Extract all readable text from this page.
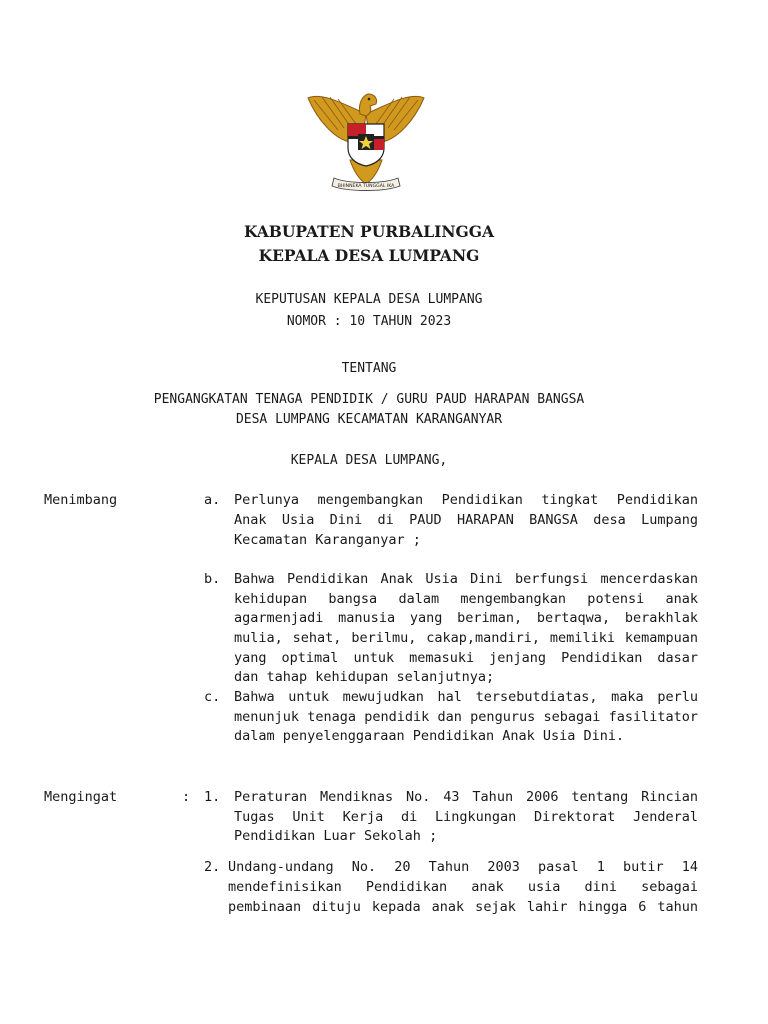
BHINNEKA TUNGGAL IKA
KABUPATEN PURBALINGGA
KEPALA DESA LUMPANG
KEPUTUSAN KEPALA DESA LUMPANG
NOMOR : 10 TAHUN 2023
TENTANG
PENGANGKATAN TENAGA PENDIDIK / GURU PAUD HARAPAN BANGSA
DESA LUMPANG KECAMATAN KARANGANYAR
KEPALA DESA LUMPANG,
Menimbang	a. Perlunya mengembangkan Pendidikan tingkat Pendidikan
Anak Usia Dini di PAUD HARAPAN BANGSA desa Lumpang
Kecamatan Karanganyar ;
b. Bahwa Pendidikan Anak Usia Dini berfungsi mencerdaskan
kehidupan bangsa dalam mengembangkan potensi anak
agarmenjadi manusia yang beriman, bertaqwa, berakhlak
mulia, sehat, berilmu, cakap,mandiri, memiliki kemampuan
yang optimal untuk memasuki jenjang Pendidikan dasar
dan tahap kehidupan selanjutnya;
c. Bahwa untuk mewujudkan hal tersebutdiatas, maka perlu
menunjuk tenaga pendidik dan pengurus sebagai fasilitator
dalam penyelenggaraan Pendidikan Anak Usia Dini.
Mengingat	: 1. Peraturan Mendiknas No. 43 Tahun 2006 tentang Rincian
Tugas Unit Kerja di Lingkungan Direktorat Jenderal
Pendidikan Luar Sekolah ;
2. Undang-undang No. 20 Tahun 2003 pasal 1 butir 14
mendefinisikan Pendidikan anak usia dini sebagai
pembinaan dituju kepada anak sejak lahir hingga 6 tahun
